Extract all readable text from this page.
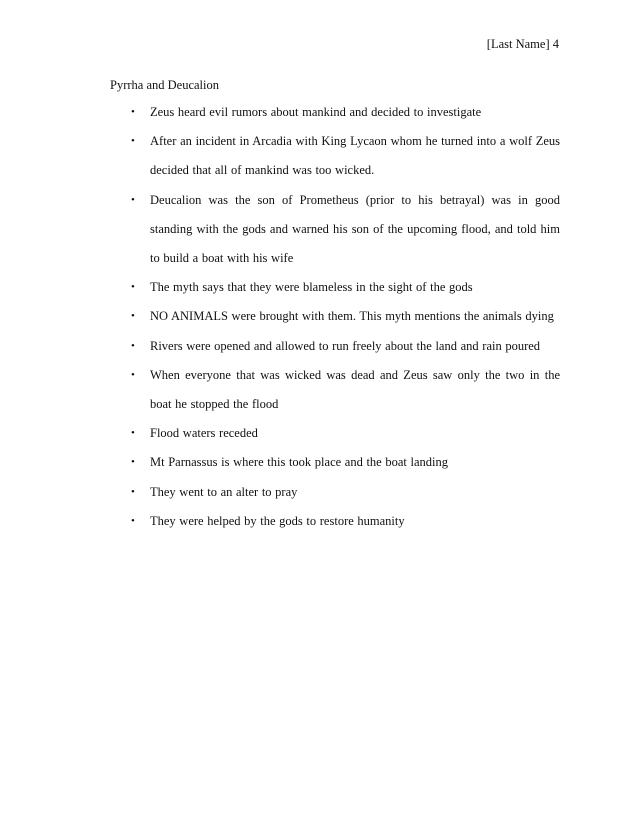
[Last Name] 4
Pyrrha and Deucalion
• Zeus heard evil rumors about mankind and decided to investigate
• After an incident in Arcadia with King Lycaon whom he turned into a wolf Zeus decided that all of mankind was too wicked.
• Deucalion was the son of Prometheus (prior to his betrayal) was in good standing with the gods and warned his son of the upcoming flood, and told him to build a boat with his wife
• The myth says that they were blameless in the sight of the gods
• NO ANIMALS were brought with them. This myth mentions the animals dying
• Rivers were opened and allowed to run freely about the land and rain poured
• When everyone that was wicked was dead and Zeus saw only the two in the boat he stopped the flood
• Flood waters receded
• Mt Parnassus is where this took place and the boat landing
• They went to an alter to pray
• They were helped by the gods to restore humanity
